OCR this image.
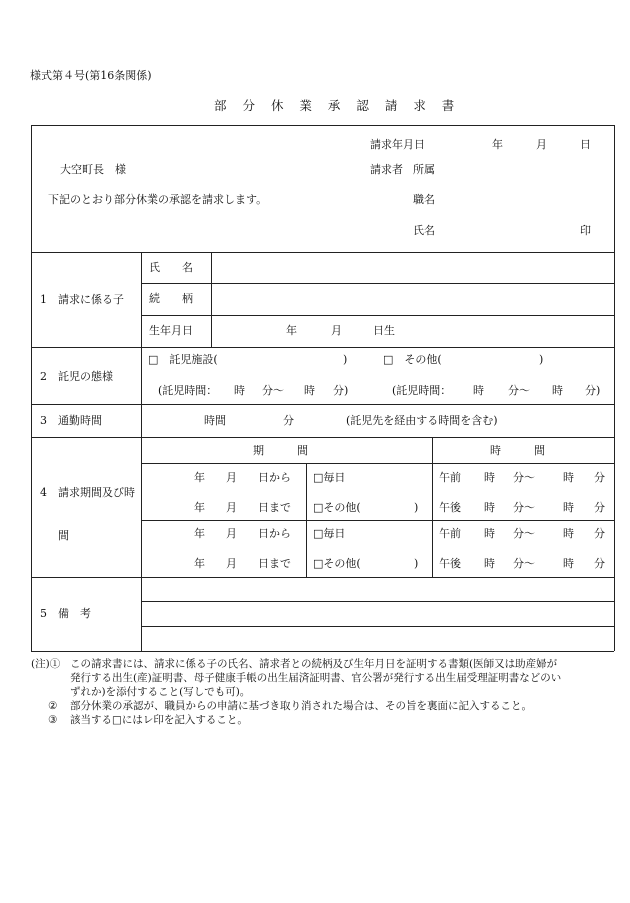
様式第４号(第16条関係)
部 分 休 業 承 認 請 求 書
請求年月日	年	月	日
大空町長　様	請求者 所属
下記のとおり部分休業の承認を請求します。	職名
氏名	印
1　請求に係る子
氏　　名
続　　柄
生年月日	年	月	日生
2　託児の態様
□　託児施設(	)	□　その他(	)
(託児時間： 時 分～ 時 分)	(託児時間： 時 分～ 時 分)
3　通勤時間	時間	分	(託児先を経由する時間を含む)
4　請求期間及び時
間
期　　　間	時　　　間
年 月 日から □毎日	午前 時 分～	時 分
年 月 日まで □その他(	) 午後 時 分～	時 分
年 月 日から □毎日	午前 時 分～	時 分
年 月 日まで □その他(	) 午後 時 分～	時 分
5　備　考
(注)① この請求書には、請求に係る子の氏名、請求者との続柄及び生年月日を証明する書類(医師又は助産婦が
発行する出生(産)証明書、母子健康手帳の出生届済証明書、官公署が発行する出生届受理証明書などのい
ずれか)を添付すること(写しでも可)。
② 部分休業の承認が、職員からの申請に基づき取り消された場合は、その旨を裏面に記入すること。
③ 該当する□にはレ印を記入すること。
